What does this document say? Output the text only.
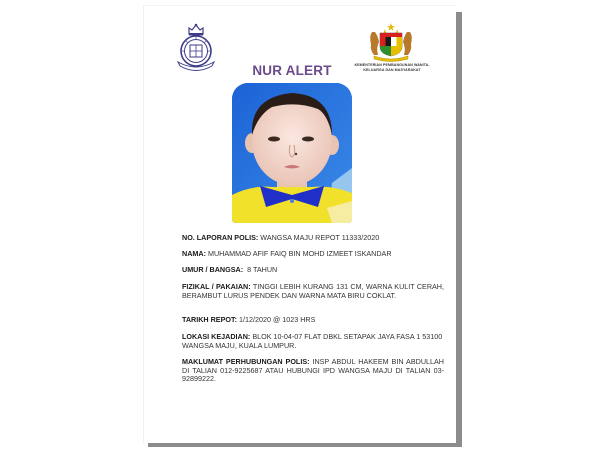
KEMENTERIAN PEMBANGUNAN WANITA,
KELUARGA DAN MASYARAKAT
NUR ALERT
NO. LAPORAN POLIS: WANGSA MAJU REPOT 11333/2020
NAMA: MUHAMMAD AFIF FAIQ BIN MOHD IZMEET ISKANDAR
UMUR / BANGSA: 8 TAHUN
FIZIKAL / PAKAIAN: TINGGI LEBIH KURANG 131 CM, WARNA KULIT CERAH, BERAMBUT LURUS PENDEK DAN WARNA MATA BIRU COKLAT.
TARIKH REPOT: 1/12/2020 @ 1023 HRS
LOKASI KEJADIAN: BLOK 10-04-07 FLAT DBKL SETAPAK JAYA FASA 1 53100 WANGSA MAJU, KUALA LUMPUR.
MAKLUMAT PERHUBUNGAN POLIS: INSP ABDUL HAKEEM BIN ABDULLAH DI TALIAN 012-9225687 ATAU HUBUNGI IPD WANGSA MAJU DI TALIAN 03-92899222.
